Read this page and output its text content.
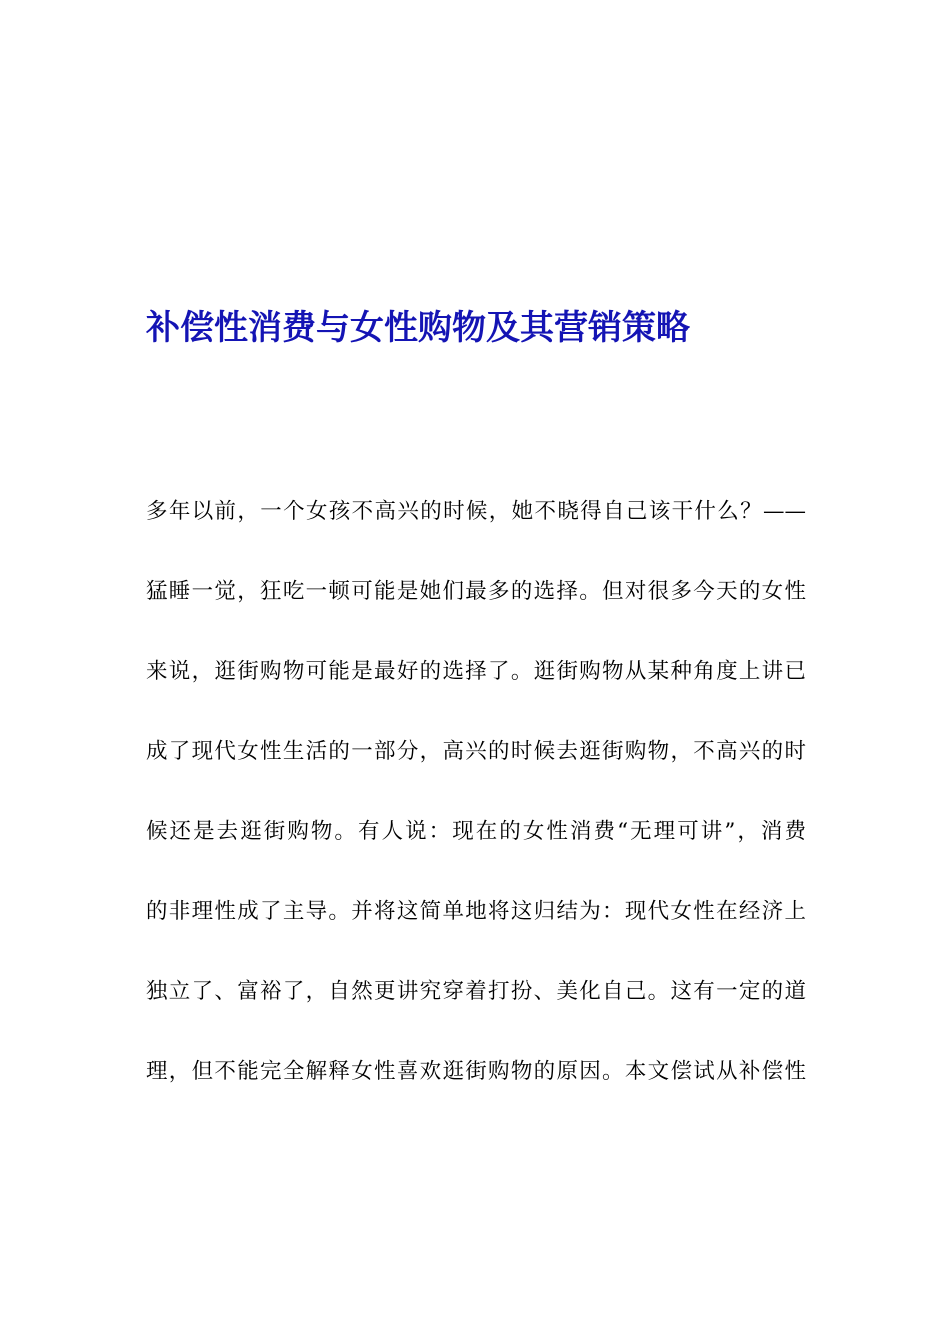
补偿性消费与女性购物及其营销策略
多年以前，一个女孩不高兴的时候，她不晓得自己该干什么？——
猛睡一觉，狂吃一顿可能是她们最多的选择。但对很多今天的女性
来说，逛街购物可能是最好的选择了。逛街购物从某种角度上讲已
成了现代女性生活的一部分，高兴的时候去逛街购物，不高兴的时
候还是去逛街购物。有人说：现在的女性消费“无理可讲”，消费
的非理性成了主导。并将这简单地将这归结为：现代女性在经济上
独立了、富裕了，自然更讲究穿着打扮、美化自己。这有一定的道
理，但不能完全解释女性喜欢逛街购物的原因。本文偿试从补偿性
